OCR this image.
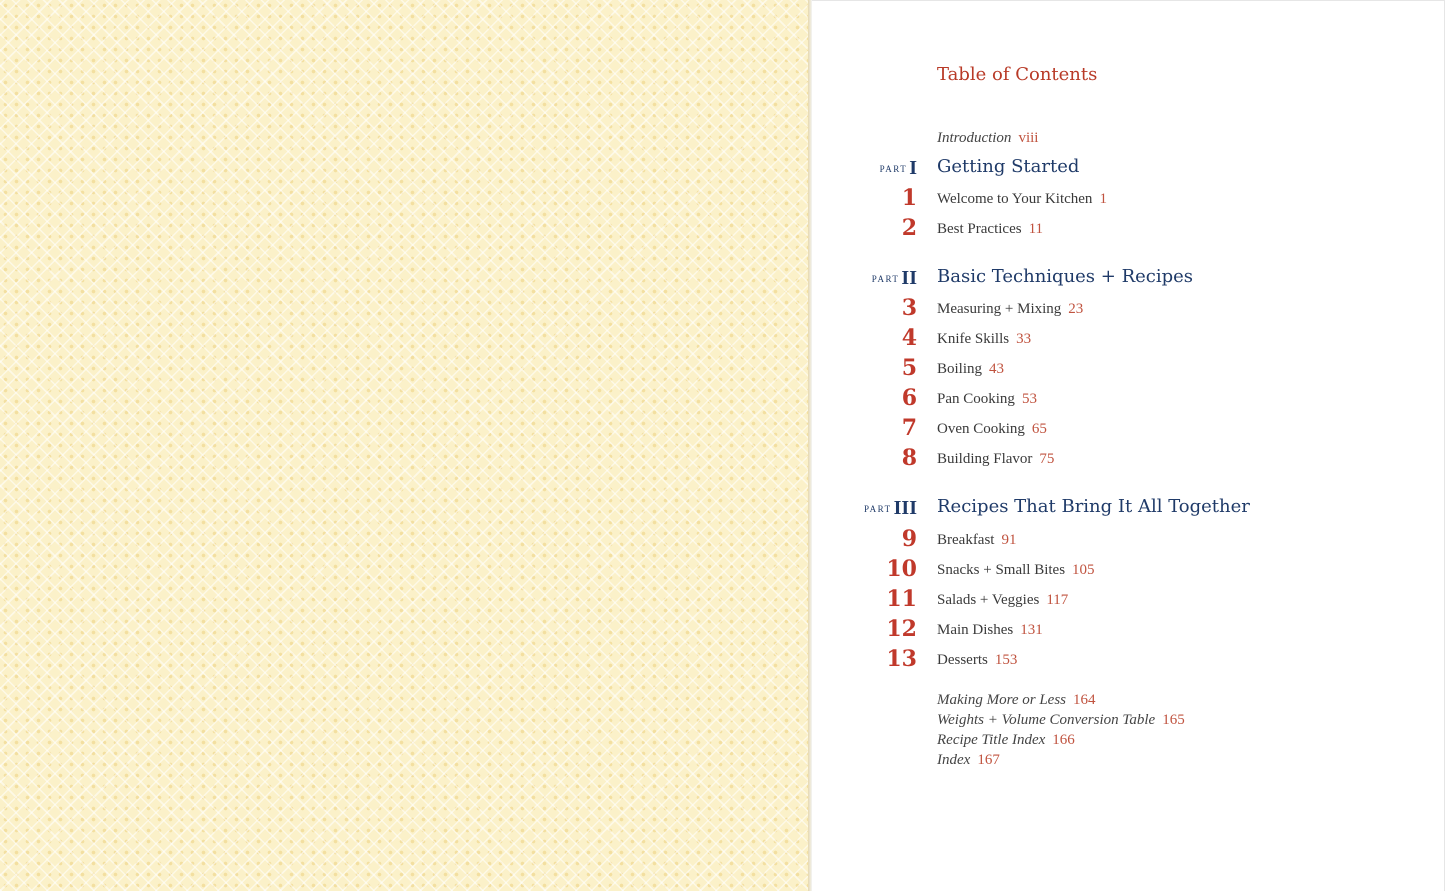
Table of Contents
Introduction viii
PART I Getting Started
1 Welcome to Your Kitchen 1
2 Best Practices 11
PART II Basic Techniques + Recipes
3 Measuring + Mixing 23
4 Knife Skills 33
5 Boiling 43
6 Pan Cooking 53
7 Oven Cooking 65
8 Building Flavor 75
PART III Recipes That Bring It All Together
9 Breakfast 91
10 Snacks + Small Bites 105
11 Salads + Veggies 117
12 Main Dishes 131
13 Desserts 153
Making More or Less 164
Weights + Volume Conversion Table 165
Recipe Title Index 166
Index 167
